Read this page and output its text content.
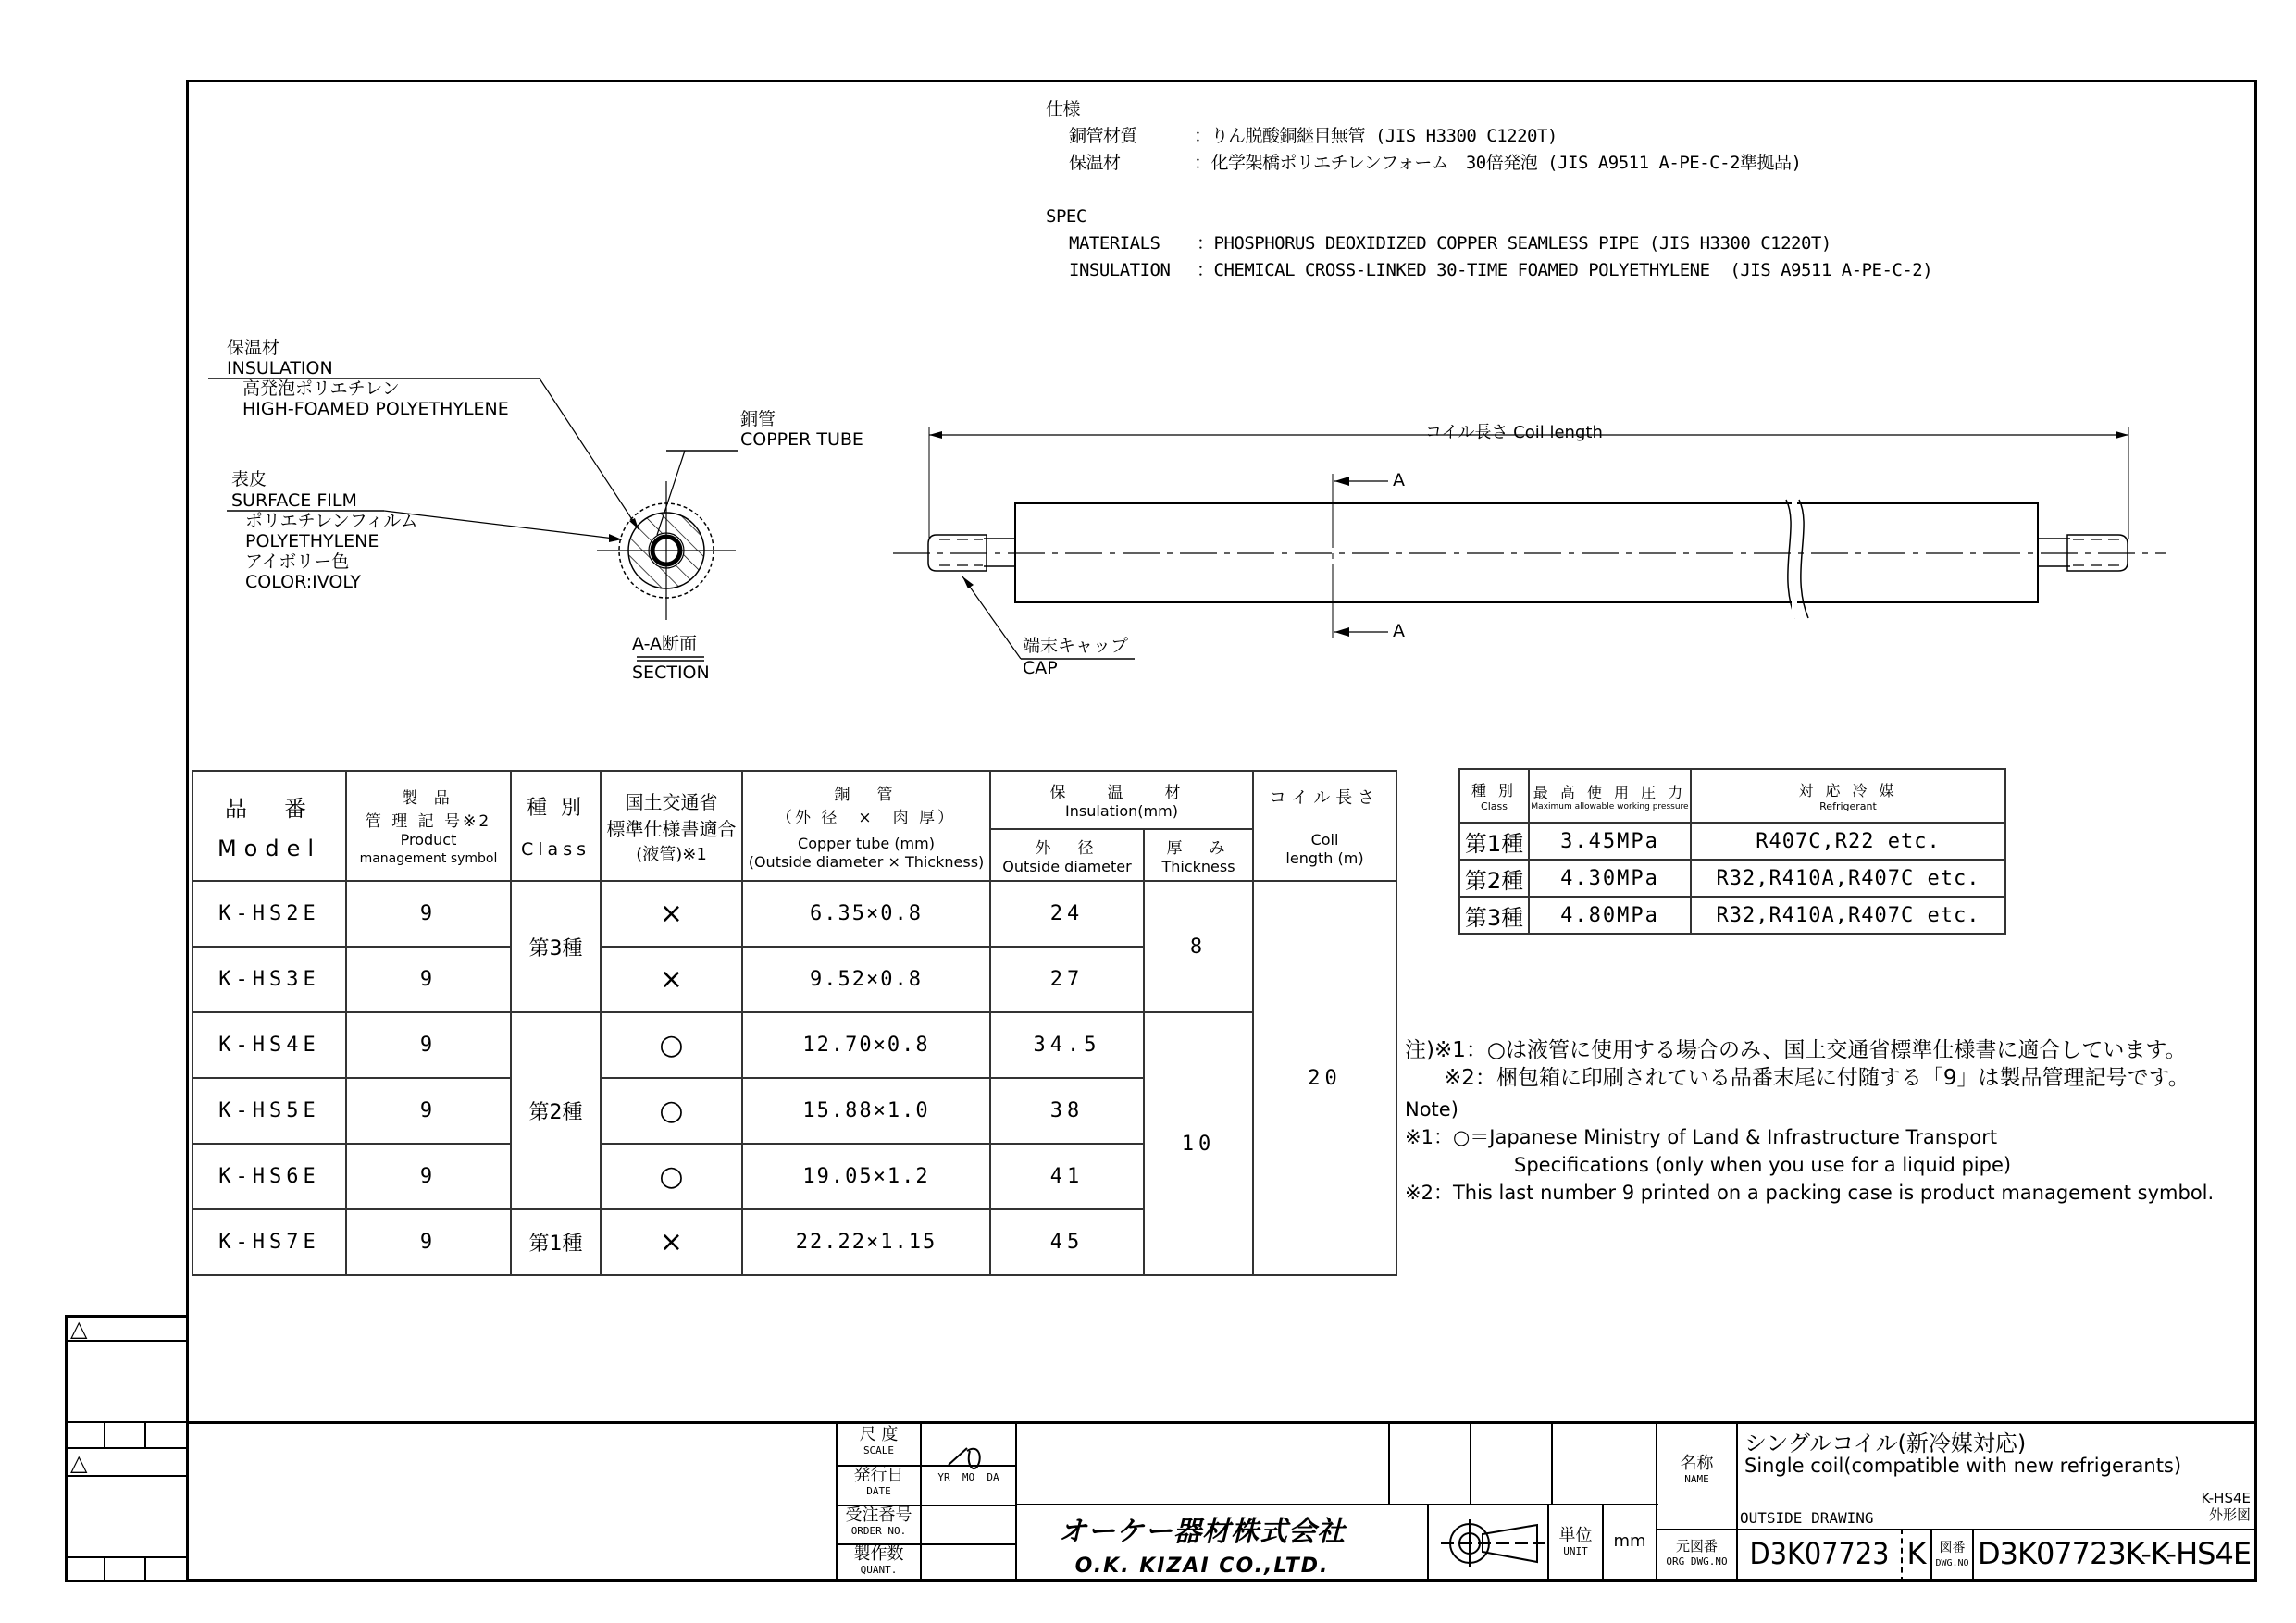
仕様
銅管材質	：りん脱酸銅継目無管 (JIS H3300 C1220T)
保温材	：化学架橋ポリエチレンフォーム　30倍発泡 (JIS A9511 A-PE-C-2準拠品)
SPEC
MATERIALS	：PHOSPHORUS DEOXIDIZED COPPER SEAMLESS PIPE (JIS H3300 C1220T)
INSULATION	：CHEMICAL CROSS-LINKED 30-TIME FOAMED POLYETHYLENE  (JIS A9511 A-PE-C-2)
保温材
INSULATION
高発泡ポリエチレン
HIGH-FOAMED POLYETHYLENE
表皮
SURFACE FILM
ポリエチレンフィルム
POLYETHYLENE
アイボリー色
COLOR:IVOLY
銅管
COPPER TUBE
A-A断面
SECTION
コイル長さ Coil length
A
A
端末キャップ
CAP
品　番
Model

製 品
管 理 記 号※2
Product
management symbol

種 別
Class

国土交通省
標準仕様書適合
(液管)※1

銅　管
（外 径　×　肉 厚）
Copper tube (mm)
(Outside diameter × Thickness)

保　温　材
Insulation(mm)

コイル長さ
Coil
length (m)

外　径
Outside diameter

厚　み
Thickness

K-HS2E	9	第3種	×	6.35×0.8	24	8	20
K-HS3E	9		×	9.52×0.8	27		
K-HS4E	9	第2種	○	12.70×0.8	34.5	10	
K-HS5E	9		○	15.88×1.0	38		
K-HS6E	9		○	19.05×1.2	41		
K-HS7E	9	第1種	×	22.22×1.15	45		
種 別
Class

最 高 使 用 圧 力
Maximum allowable working pressure

対 応 冷 媒
Refrigerant

第1種	3.45MPa	R407C,R22 etc.
第2種	4.30MPa	R32,R410A,R407C etc.
第3種	4.80MPa	R32,R410A,R407C etc.
注)※1：○は液管に使用する場合のみ、国土交通省標準仕様書に適合しています。
※2：梱包箱に印刷されている品番末尾に付随する「9」は製品管理記号です。
Note)
※1：○＝Japanese Ministry of Land & Infrastructure Transport
Specifications (only when you use for a liquid pipe)
※2：This last number 9 printed on a packing case is product management symbol.
△
△
尺 度
SCALE
発行日
DATE
YR  MO  DA
受注番号
ORDER NO.
製作数
QUANT.
オーケー器材株式会社
O.K. KIZAI CO.,LTD.
単位
UNIT
mm
名称
NAME
シングルコイル(新冷媒対応)
Single coil(compatible with new refrigerants)
OUTSIDE DRAWING
K-HS4E
外形図
元図番
ORG DWG.NO D3K07723 K	図番
DWG.NO D3K07723K-K-HS4E
